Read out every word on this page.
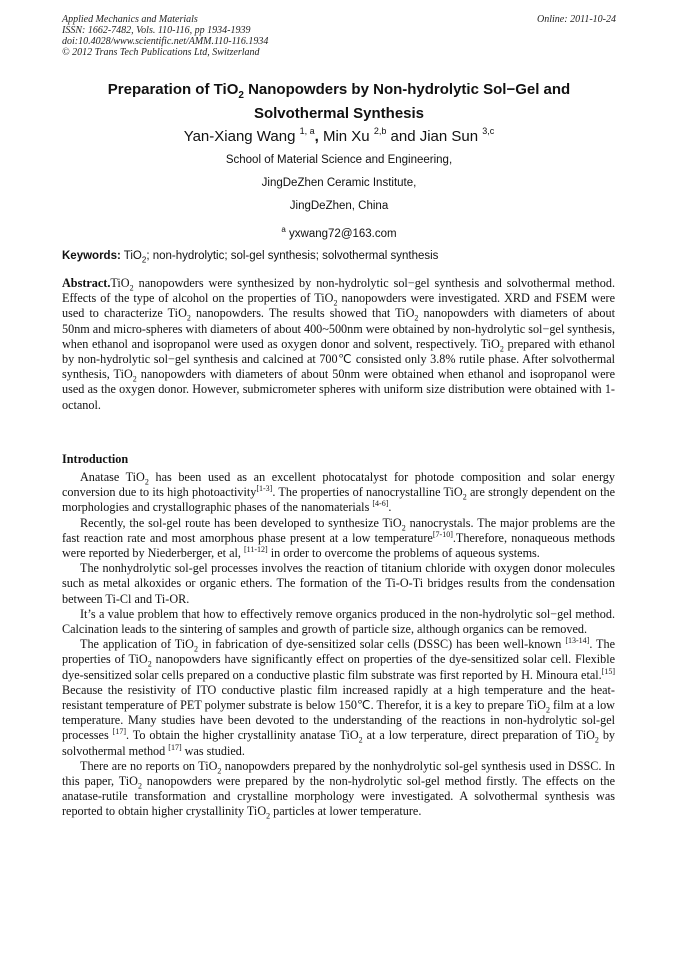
Applied Mechanics and Materials
ISSN: 1662-7482, Vols. 110-116, pp 1934-1939
doi:10.4028/www.scientific.net/AMM.110-116.1934
© 2012 Trans Tech Publications Ltd, Switzerland
Online: 2011-10-24
Preparation of TiO$_2$ Nanopowders by Non-hydrolytic Sol−Gel and
Solvothermal Synthesis
Yan-Xiang Wang $^{1, a}$, Min Xu $^{2,b}$ and Jian Sun $^{3,c}$
School of Material Science and Engineering,
JingDeZhen Ceramic Institute,
JingDeZhen, China
$^a$ yxwang72@163.com
Keywords: TiO$_2$; non-hydrolytic; sol-gel synthesis; solvothermal synthesis
Abstract.TiO$_2$ nanopowders were synthesized by non-hydrolytic sol−gel synthesis and solvothermal method. Effects of the type of alcohol on the properties of TiO$_2$ nanopowders were investigated. XRD and FSEM were used to characterize TiO$_2$ nanopowders. The results showed that TiO$_2$ nanopowders with diameters of about 50nm and micro-spheres with diameters of about 400~500nm were obtained by non-hydrolytic sol−gel synthesis, when ethanol and isopropanol were used as oxygen donor and solvent, respectively. TiO$_2$ prepared with ethanol by non-hydrolytic sol−gel synthesis and calcined at 700℃ consisted only 3.8% rutile phase. After solvothermal synthesis, TiO$_2$ nanopowders with diameters of about 50nm were obtained when ethanol and isopropanol were used as the oxygen donor. However, submicrometer spheres with uniform size distribution were obtained with 1-octanol.
Introduction

Anatase TiO$_2$ has been used as an excellent photocatalyst for photode composition and solar energy conversion due to its high photoactivity[1-3]. The properties of nanocrystalline TiO$_2$ are strongly dependent on the morphologies and crystallographic phases of the nanomaterials [4-6].

Recently, the sol-gel route has been developed to synthesize TiO$_2$ nanocrystals. The major problems are the fast reaction rate and most amorphous phase present at a low temperature[7-10].Therefore, nonaqueous methods were reported by Niederberger, et al, [11-12] in order to overcome the problems of aqueous systems.

The nonhydrolytic sol-gel processes involves the reaction of titanium chloride with oxygen donor molecules such as metal alkoxides or organic ethers. The formation of the Ti-O-Ti bridges results from the condensation between Ti-Cl and Ti-OR.

It’s a value problem that how to effectively remove organics produced in the non-hydrolytic sol−gel method. Calcination leads to the sintering of samples and growth of particle size, although organics can be removed.

The application of TiO$_2$ in fabrication of dye-sensitized solar cells (DSSC) has been well-known [13-14]. The properties of TiO$_2$ nanopowders have significantly effect on properties of the dye-sensitized solar cell. Flexible dye-sensitized solar cells prepared on a conductive plastic film substrate was first reported by H. Minoura etal.[15] Because the resistivity of ITO conductive plastic film increased rapidly at a high temperature and the heat-resistant temperature of PET polymer substrate is below 150℃. Therefor, it is a key to prepare TiO$_2$ film at a low temperature. Many studies have been devoted to the understanding of the reactions in non-hydrolytic sol-gel processes [17]. To obtain the higher crystallinity anatase TiO$_2$ at a low terperature, direct preparation of TiO$_2$ by solvothermal method [17] was studied.

There are no reports on TiO$_2$ nanopowders prepared by the nonhydrolytic sol-gel synthesis used in DSSC. In this paper, TiO$_2$ nanopowders were prepared by the non-hydrolytic sol-gel method firstly. The effects on the anatase-rutile transformation and crystalline morphology were investigated. A solvothermal synthesis was reported to obtain higher crystallinity TiO$_2$ particles at lower temperature.
